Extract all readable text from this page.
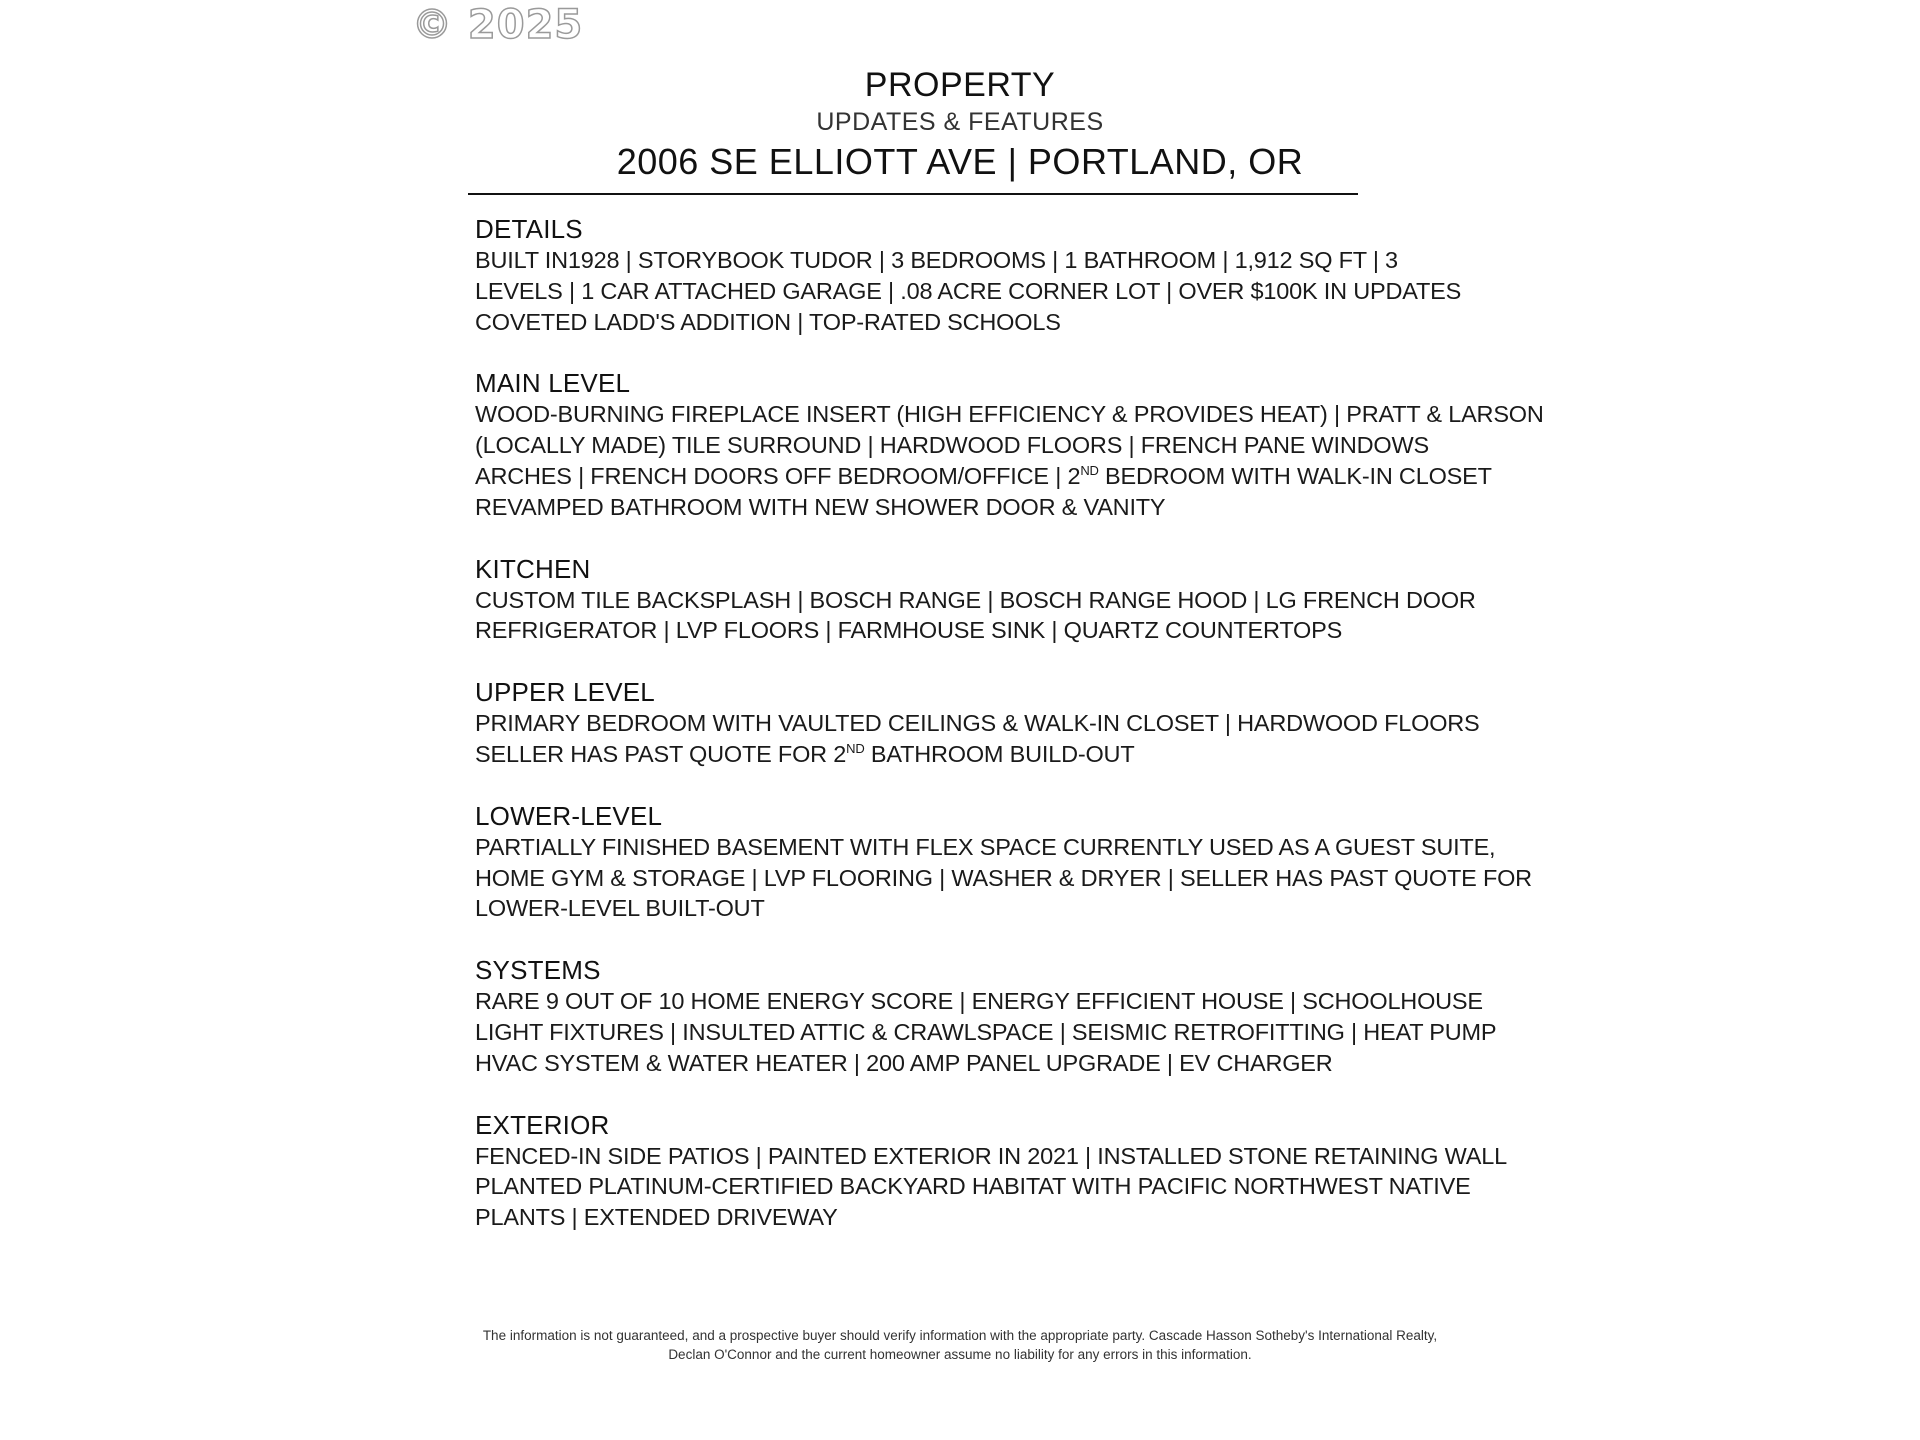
© 2025
PROPERTY
UPDATES & FEATURES
2006 SE ELLIOTT AVE | PORTLAND, OR
DETAILS
BUILT IN1928 | STORYBOOK TUDOR | 3 BEDROOMS | 1 BATHROOM | 1,912 SQ FT | 3
LEVELS | 1 CAR ATTACHED GARAGE | .08 ACRE CORNER LOT | OVER $100K IN UPDATES
COVETED LADD'S ADDITION | TOP-RATED SCHOOLS
MAIN LEVEL
WOOD-BURNING FIREPLACE INSERT (HIGH EFFICIENCY & PROVIDES HEAT) | PRATT & LARSON
(LOCALLY MADE) TILE SURROUND | HARDWOOD FLOORS | FRENCH PANE WINDOWS
ARCHES | FRENCH DOORS OFF BEDROOM/OFFICE | 2ND BEDROOM WITH WALK-IN CLOSET
REVAMPED BATHROOM WITH NEW SHOWER DOOR & VANITY
KITCHEN
CUSTOM TILE BACKSPLASH | BOSCH RANGE | BOSCH RANGE HOOD | LG FRENCH DOOR
REFRIGERATOR | LVP FLOORS | FARMHOUSE SINK | QUARTZ COUNTERTOPS
UPPER LEVEL
PRIMARY BEDROOM WITH VAULTED CEILINGS & WALK-IN CLOSET | HARDWOOD FLOORS
SELLER HAS PAST QUOTE FOR 2ND BATHROOM BUILD-OUT
LOWER-LEVEL
PARTIALLY FINISHED BASEMENT WITH FLEX SPACE CURRENTLY USED AS A GUEST SUITE,
HOME GYM & STORAGE | LVP FLOORING | WASHER & DRYER | SELLER HAS PAST QUOTE FOR
LOWER-LEVEL BUILT-OUT
SYSTEMS
RARE 9 OUT OF 10 HOME ENERGY SCORE | ENERGY EFFICIENT HOUSE | SCHOOLHOUSE
LIGHT FIXTURES | INSULTED ATTIC & CRAWLSPACE | SEISMIC RETROFITTING | HEAT PUMP
HVAC SYSTEM & WATER HEATER | 200 AMP PANEL UPGRADE | EV CHARGER
EXTERIOR
FENCED-IN SIDE PATIOS | PAINTED EXTERIOR IN 2021 | INSTALLED STONE RETAINING WALL
PLANTED PLATINUM-CERTIFIED BACKYARD HABITAT WITH PACIFIC NORTHWEST NATIVE
PLANTS | EXTENDED DRIVEWAY
The information is not guaranteed, and a prospective buyer should verify information with the appropriate party. Cascade Hasson Sotheby's International Realty,
Declan O'Connor and the current homeowner assume no liability for any errors in this information.
